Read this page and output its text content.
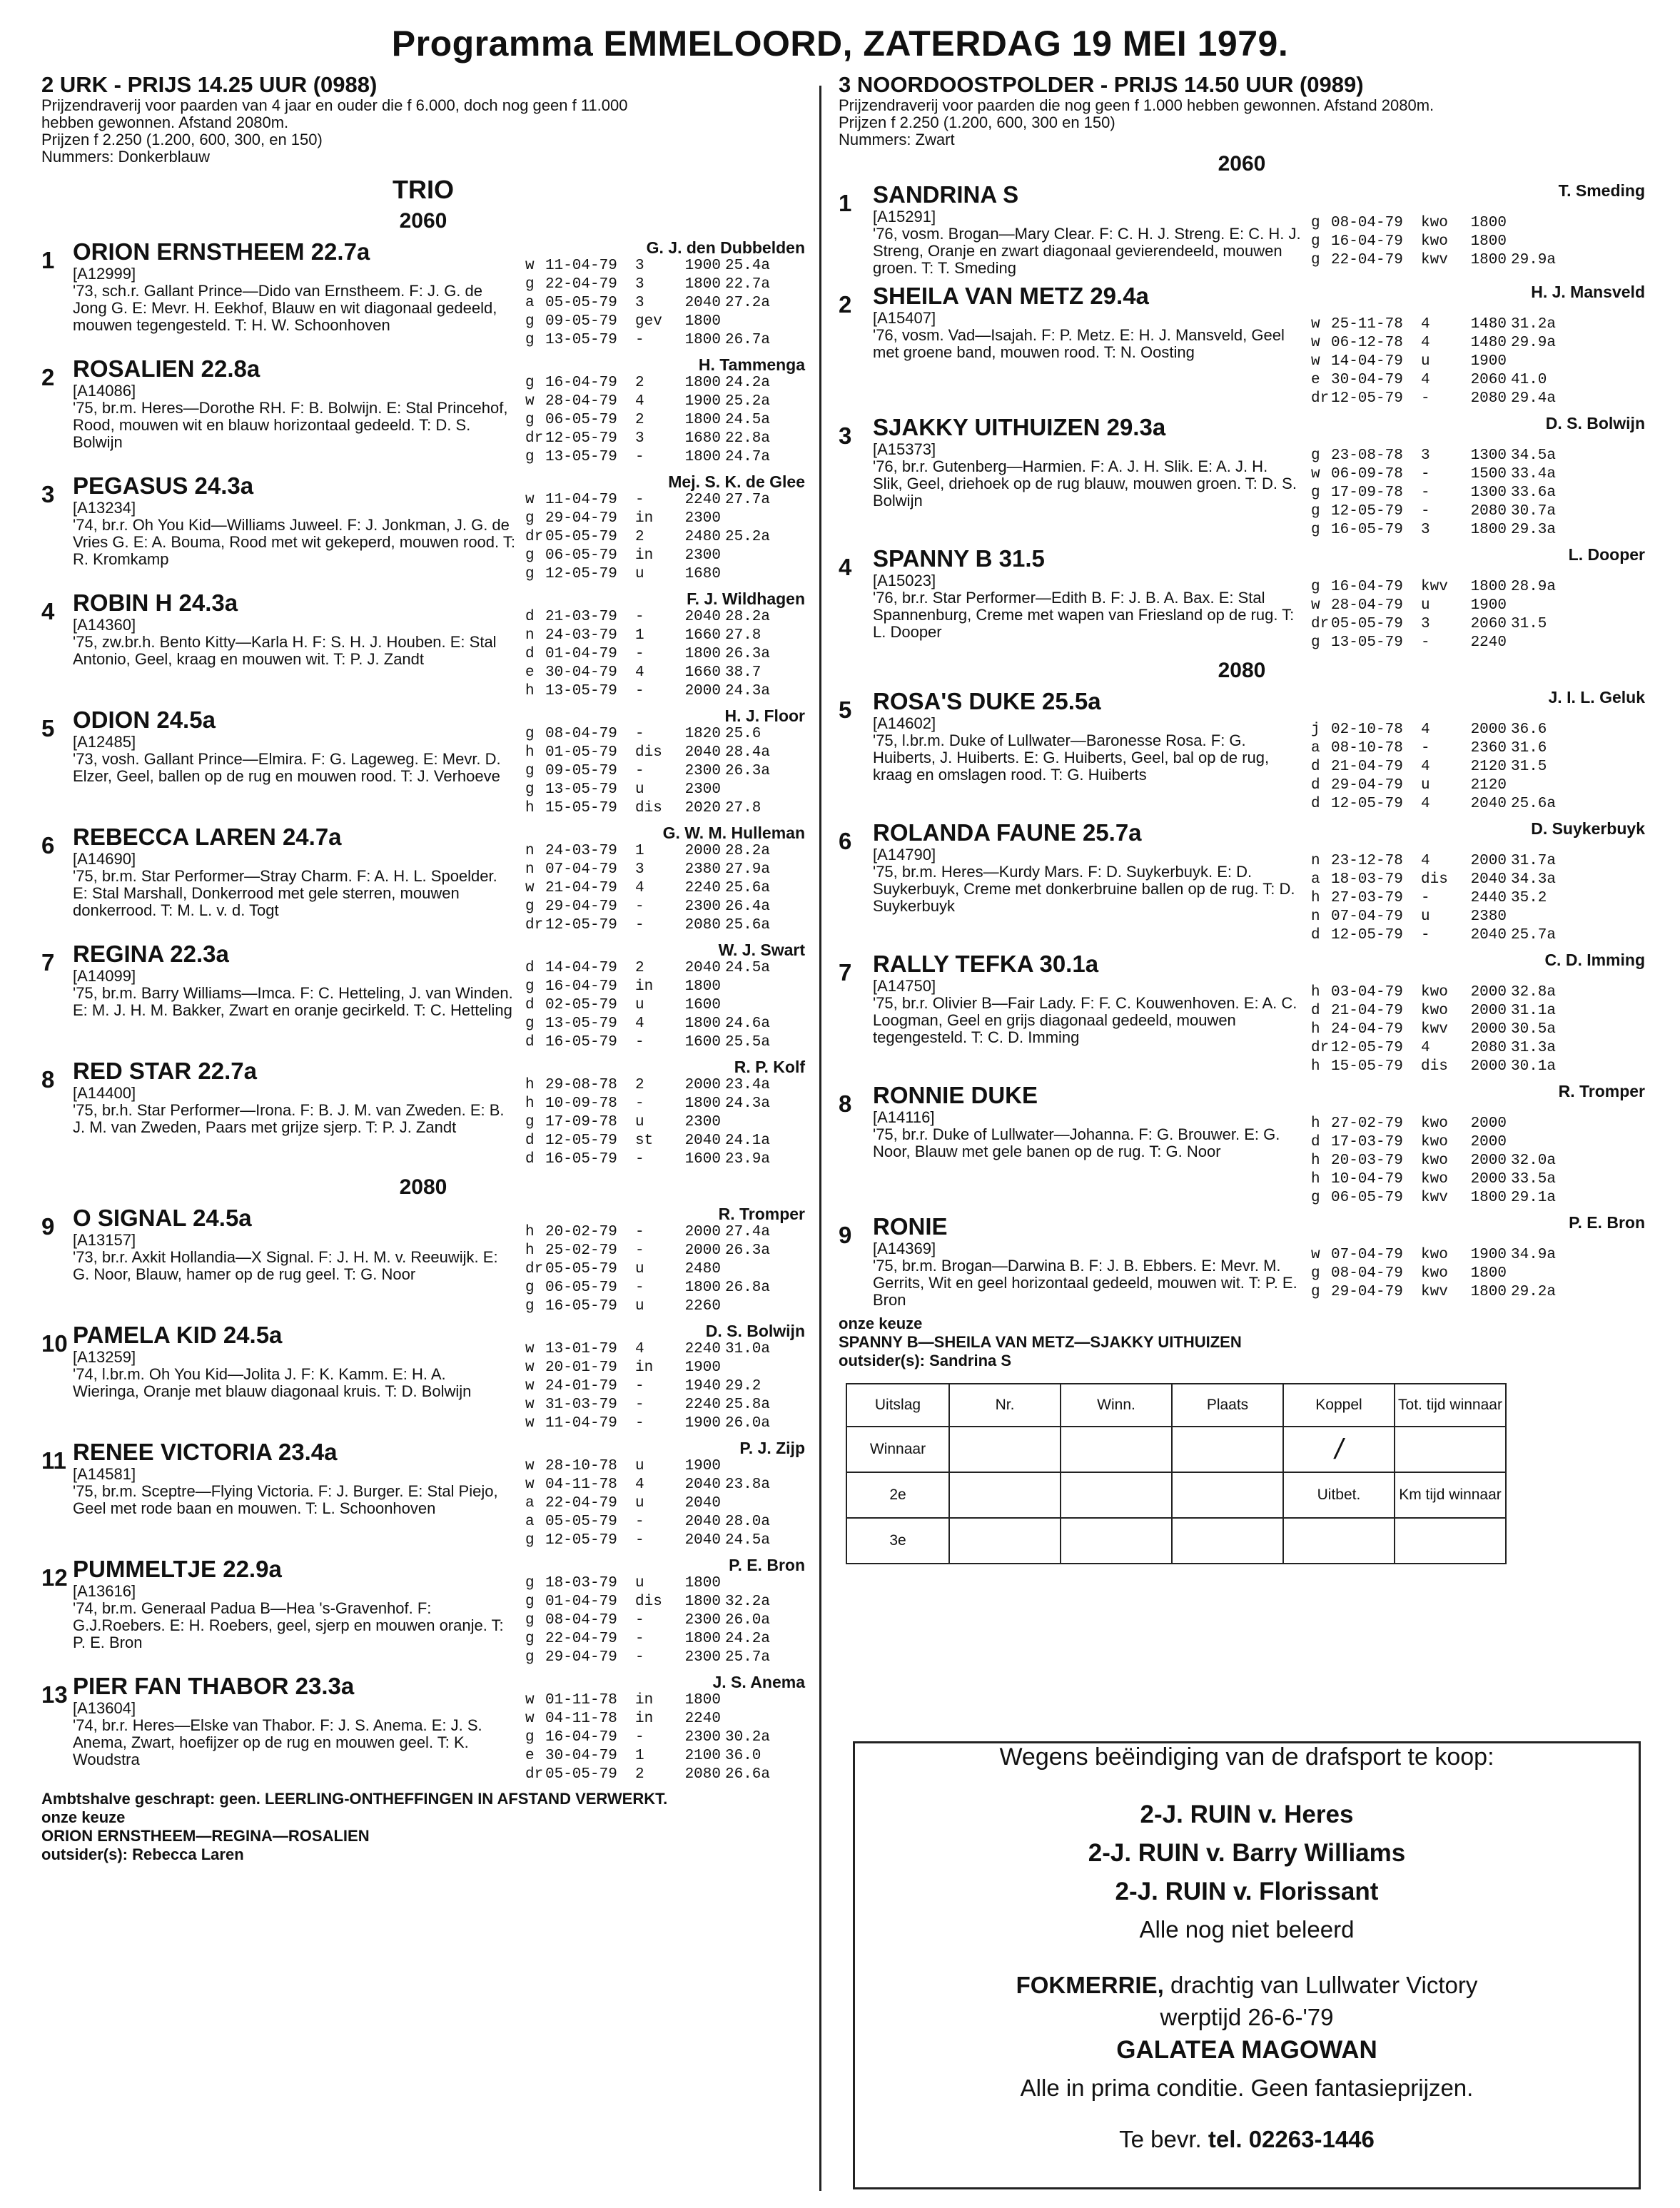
Programma EMMELOORD, ZATERDAG 19 MEI 1979.
2 URK - PRIJS 14.25 UUR (0988)
Prijzendraverij voor paarden van 4 jaar en ouder die f 6.000, doch nog geen f 11.000
hebben gewonnen. Afstand 2080m.
Prijzen f 2.250 (1.200, 600, 300, en 150)
Nummers: Donkerblauw
TRIO
2060
1 ORION ERNSTHEEM 22.7a
[A12999]
'73, sch.r. Gallant Prince—Dido van Ernstheem. F: J. G. de Jong G. E: Mevr. H. Eekhof, Blauw en wit diagonaal gedeeld, mouwen tegengesteld. T: H. W. Schoonhoven
G. J. den Dubbelden
w 11-04-79	3	1900 25.4a
g 22-04-79	3	1800 22.7a
a 05-05-79	3	2040 27.2a
g 09-05-79	gev	1800
g 13-05-79	-	1800 26.7a
2 ROSALIEN 22.8a
[A14086]
'75, br.m. Heres—Dorothe RH. F: B. Bolwijn. E: Stal Princehof, Rood, mouwen wit en blauw horizontaal gedeeld. T: D. S. Bolwijn
H. Tammenga
g 16-04-79	2	1800 24.2a
w 28-04-79	4	1900 25.2a
g 06-05-79	2	1800 24.5a
dr 12-05-79	3	1680 22.8a
g 13-05-79	-	1800 24.7a
3 PEGASUS 24.3a
[A13234]
'74, br.r. Oh You Kid—Williams Juweel. F: J. Jonkman, J. G. de Vries G. E: A. Bouma, Rood met wit gekeperd, mouwen rood. T: R. Kromkamp
Mej. S. K. de Glee
w 11-04-79	-	2240 27.7a
g 29-04-79	in	2300
dr 05-05-79	2	2480 25.2a
g 06-05-79	in	2300
g 12-05-79	u	1680
4 ROBIN H 24.3a
[A14360]
'75, zw.br.h. Bento Kitty—Karla H. F: S. H. J. Houben. E: Stal Antonio, Geel, kraag en mouwen wit. T: P. J. Zandt
F. J. Wildhagen
d 21-03-79	-	2040 28.2a
n 24-03-79	1	1660 27.8
d 01-04-79	-	1800 26.3a
e 30-04-79	4	1660 38.7
h 13-05-79	-	2000 24.3a
5 ODION 24.5a
[A12485]
'73, vosh. Gallant Prince—Elmira. F: G. Lageweg. E: Mevr. D. Elzer, Geel, ballen op de rug en mouwen rood. T: J. Verhoeve
H. J. Floor
g 08-04-79	-	1820 25.6
h 01-05-79	dis	2040 28.4a
g 09-05-79	-	2300 26.3a
g 13-05-79	u	2300
h 15-05-79	dis	2020 27.8
6 REBECCA LAREN 24.7a
[A14690]
'75, br.m. Star Performer—Stray Charm. F: A. H. L. Spoelder. E: Stal Marshall, Donkerrood met gele sterren, mouwen donkerrood. T: M. L. v. d. Togt
G. W. M. Hulleman
n 24-03-79	1	2000 28.2a
n 07-04-79	3	2380 27.9a
w 21-04-79	4	2240 25.6a
g 29-04-79	-	2300 26.4a
dr 12-05-79	-	2080 25.6a
7 REGINA 22.3a
[A14099]
'75, br.m. Barry Williams—Imca. F: C. Hetteling, J. van Winden. E: M. J. H. M. Bakker, Zwart en oranje gecirkeld. T: C. Hetteling
W. J. Swart
d 14-04-79	2	2040 24.5a
g 16-04-79	in	1800
d 02-05-79	u	1600
g 13-05-79	4	1800 24.6a
d 16-05-79	-	1600 25.5a
8 RED STAR 22.7a
[A14400]
'75, br.h. Star Performer—Irona. F: B. J. M. van Zweden. E: B. J. M. van Zweden, Paars met grijze sjerp. T: P. J. Zandt
R. P. Kolf
h 29-08-78	2	2000 23.4a
h 10-09-78	-	1800 24.3a
g 17-09-78	u	2300
d 12-05-79	st	2040 24.1a
d 16-05-79	-	1600 23.9a
2080
9 O SIGNAL 24.5a
[A13157]
'73, br.r. Axkit Hollandia—X Signal. F: J. H. M. v. Reeuwijk. E: G. Noor, Blauw, hamer op de rug geel. T: G. Noor
R. Tromper
h 20-02-79	-	2000 27.4a
h 25-02-79	-	2000 26.3a
dr 05-05-79	u	2480
g 06-05-79	-	1800 26.8a
g 16-05-79	u	2260
10 PAMELA KID 24.5a
[A13259]
'74, l.br.m. Oh You Kid—Jolita J. F: K. Kamm. E: H. A. Wieringa, Oranje met blauw diagonaal kruis. T: D. Bolwijn
D. S. Bolwijn
w 13-01-79	4	2240 31.0a
w 20-01-79	in	1900
w 24-01-79	-	1940 29.2
w 31-03-79	-	2240 25.8a
w 11-04-79	-	1900 26.0a
11 RENEE VICTORIA 23.4a
[A14581]
'75, br.m. Sceptre—Flying Victoria. F: J. Burger. E: Stal Piejo, Geel met rode baan en mouwen. T: L. Schoonhoven
P. J. Zijp
w 28-10-78	u	1900
w 04-11-78	4	2040 23.8a
a 22-04-79	u	2040
a 05-05-79	-	2040 28.0a
g 12-05-79	-	2040 24.5a
12 PUMMELTJE 22.9a
[A13616]
'74, br.m. Generaal Padua B—Hea 's-Gravenhof. F: G.J.Roebers. E: H. Roebers, geel, sjerp en mouwen oranje. T: P. E. Bron
P. E. Bron
g 18-03-79	u	1800
g 01-04-79	dis	1800 32.2a
g 08-04-79	-	2300 26.0a
g 22-04-79	-	1800 24.2a
g 29-04-79	-	2300 25.7a
13 PIER FAN THABOR 23.3a
[A13604]
'74, br.r. Heres—Elske van Thabor. F: J. S. Anema. E: J. S. Anema, Zwart, hoefijzer op de rug en mouwen geel. T: K. Woudstra
J. S. Anema
w 01-11-78	in	1800
w 04-11-78	in	2240
g 16-04-79	-	2300 30.2a
e 30-04-79	1	2100 36.0
dr 05-05-79	2	2080 26.6a
Ambtshalve geschrapt: geen. LEERLING-ONTHEFFINGEN IN AFSTAND VERWERKT.
onze keuze
ORION ERNSTHEEM—REGINA—ROSALIEN
outsider(s): Rebecca Laren
3 NOORDOOSTPOLDER - PRIJS 14.50 UUR (0989)
Prijzendraverij voor paarden die nog geen f 1.000 hebben gewonnen. Afstand 2080m.
Prijzen f 2.250 (1.200, 600, 300 en 150)
Nummers: Zwart
2060
1 SANDRINA S
[A15291]
'76, vosm. Brogan—Mary Clear. F: C. H. J. Streng. E: C. H. J. Streng, Oranje en zwart diagonaal gevierendeeld, mouwen groen. T: T. Smeding
T. Smeding
g 08-04-79	kwo	1800
g 16-04-79	kwo	1800
g 22-04-79	kwv	1800 29.9a
2 SHEILA VAN METZ 29.4a
[A15407]
'76, vosm. Vad—Isajah. F: P. Metz. E: H. J. Mansveld, Geel met groene band, mouwen rood. T: N. Oosting
H. J. Mansveld
w 25-11-78	4	1480 31.2a
w 06-12-78	4	1480 29.9a
w 14-04-79	u	1900
e 30-04-79	4	2060 41.0
dr 12-05-79	-	2080 29.4a
3 SJAKKY UITHUIZEN 29.3a
[A15373]
'76, br.r. Gutenberg—Harmien. F: A. J. H. Slik. E: A. J. H. Slik, Geel, driehoek op de rug blauw, mouwen groen. T: D. S. Bolwijn
D. S. Bolwijn
g 23-08-78	3	1300 34.5a
w 06-09-78	-	1500 33.4a
g 17-09-78	-	1300 33.6a
g 12-05-79	-	2080 30.7a
g 16-05-79	3	1800 29.3a
4 SPANNY B 31.5
[A15023]
'76, br.r. Star Performer—Edith B. F: J. B. A. Bax. E: Stal Spannenburg, Creme met wapen van Friesland op de rug. T: L. Dooper
L. Dooper
g 16-04-79	kwv	1800 28.9a
w 28-04-79	u	1900
dr 05-05-79	3	2060 31.5
g 13-05-79	-	2240
2080
5 ROSA'S DUKE 25.5a
[A14602]
'75, l.br.m. Duke of Lullwater—Baronesse Rosa. F: G. Huiberts, J. Huiberts. E: G. Huiberts, Geel, bal op de rug, kraag en omslagen rood. T: G. Huiberts
J. I. L. Geluk
j 02-10-78	4	2000 36.6
a 08-10-78	-	2360 31.6
d 21-04-79	4	2120 31.5
d 29-04-79	u	2120
d 12-05-79	4	2040 25.6a
6 ROLANDA FAUNE 25.7a
[A14790]
'75, br.m. Heres—Kurdy Mars. F: D. Suykerbuyk. E: D. Suykerbuyk, Creme met donkerbruine ballen op de rug. T: D. Suykerbuyk
D. Suykerbuyk
n 23-12-78	4	2000 31.7a
a 18-03-79	dis	2040 34.3a
h 27-03-79	-	2440 35.2
n 07-04-79	u	2380
d 12-05-79	-	2040 25.7a
7 RALLY TEFKA 30.1a
[A14750]
'75, br.r. Olivier B—Fair Lady. F: F. C. Kouwenhoven. E: A. C. Loogman, Geel en grijs diagonaal gedeeld, mouwen tegengesteld. T: C. D. Imming
C. D. Imming
h 03-04-79	kwo	2000 32.8a
d 21-04-79	kwo	2000 31.1a
h 24-04-79	kwv	2000 30.5a
dr 12-05-79	4	2080 31.3a
h 15-05-79	dis	2000 30.1a
8 RONNIE DUKE
[A14116]
'75, br.r. Duke of Lullwater—Johanna. F: G. Brouwer. E: G. Noor, Blauw met gele banen op de rug. T: G. Noor
R. Tromper
h 27-02-79	kwo	2000
d 17-03-79	kwo	2000
h 20-03-79	kwo	2000 32.0a
h 10-04-79	kwo	2000 33.5a
g 06-05-79	kwv	1800 29.1a
9 RONIE
[A14369]
'75, br.m. Brogan—Darwina B. F: J. B. Ebbers. E: Mevr. M. Gerrits, Wit en geel horizontaal gedeeld, mouwen wit. T: P. E. Bron
P. E. Bron
w 07-04-79	kwo	1900 34.9a
g 08-04-79	kwo	1800
g 29-04-79	kwv	1800 29.2a
onze keuze
SPANNY B—SHEILA VAN METZ—SJAKKY UITHUIZEN
outsider(s): Sandrina S
Uitslag	Nr.	Winn.	Plaats	Koppel	Tot. tijd winnaar
Winnaar				/	
2e				Uitbet.	Km tijd winnaar
3e					

Wegens beëindiging van de drafsport te koop:

2-J. RUIN v. Heres

2-J. RUIN v. Barry Williams

2-J. RUIN v. Florissant

Alle nog niet beleerd

FOKMERRIE, drachtig van Lullwater Victory

werptijd 26-6-'79

GALATEA MAGOWAN

Alle in prima conditie. Geen fantasieprijzen.

Te bevr. tel. 02263-1446
